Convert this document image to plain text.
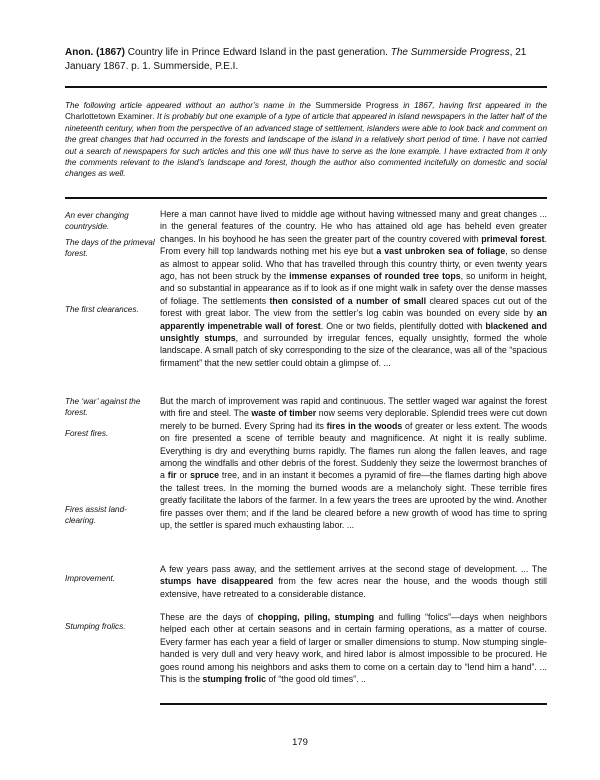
Anon. (1867) Country life in Prince Edward Island in the past generation. The Summerside Progress, 21 January 1867. p. 1. Summerside, P.E.I.
The following article appeared without an author’s name in the Summerside Progress in 1867, having first appeared in the Charlottetown Examiner. It is probably but one example of a type of article that appeared in island newspapers in the latter half of the nineteenth century, when from the perspective of an advanced stage of settlement, islanders were able to look back and comment on the great changes that had occurred in the forests and landscape of the island in a relatively short period of time. I have not carried out a search of newspapers for such articles and this one will thus have to serve as the lone example. I have extracted from it only the comments relevant to the island’s landscape and forest, though the author also commented incitefully on domestic and social changes as well.
An ever changing countryside.
The days of the primeval forest.
The first clearances.
The ‘war’ against the forest.
Forest fires.
Fires assist land-clearing.
Improvement.
Stumping frolics.
Here a man cannot have lived to middle age without having witnessed many and great changes ... in the general features of the country. He who has attained old age has beheld even greater changes. In his boyhood he has seen the greater part of the country covered with primeval forest. From every hill top landwards nothing met his eye but a vast unbroken sea of foliage, so dense as almost to appear solid. Who that has travelled through this country thirty, or even twenty years ago, has not been struck by the immense expanses of rounded tree tops, so uniform in height, and so substantial in appearance as if to look as if one might walk in safety over the dense masses of foliage. The settlements then consisted of a number of small cleared spaces cut out of the forest with great labor. The view from the settler’s log cabin was bounded on every side by an apparently impenetrable wall of forest. One or two fields, plentifully dotted with blackened and unsightly stumps, and surrounded by irregular fences, equally unsightly, formed the whole landscape. A small patch of sky corresponding to the size of the clearance, was all of the “spacious firmament” that the new settler could obtain a glimpse of. ...
But the march of improvement was rapid and continuous. The settler waged war against the forest with fire and steel. The waste of timber now seems very deplorable. Splendid trees were cut down merely to be burned. Every Spring had its fires in the woods of greater or less extent. The woods on fire presented a scene of terrible beauty and magnificence. At night it is really sublime. Everything is dry and everything burns rapidly. The flames run along the fallen leaves, and rage among the windfalls and other debris of the forest. Suddenly they seize the lowermost branches of a fir or spruce tree, and in an instant it becomes a pyramid of fire—the flames darting high above the tallest trees. In the morning the burned woods are a melancholy sight. These terrible fires greatly facilitate the labors of the farmer. In a few years the trees are uprooted by the wind. Another fire passes over them; and if the land be cleared before a new growth of wood has time to spring up, the settler is spared much exhausting labor. ...
A few years pass away, and the settlement arrives at the second stage of development. ... The stumps have disappeared from the few acres near the house, and the woods though still extensive, have retreated to a considerable distance.
These are the days of chopping, piling, stumping and fulling “folics”—days when neighbors helped each other at certain seasons and in certain farming operations, as a matter of course. Every farmer has each year a field of larger or smaller dimensions to stump. Now stumping single-handed is very dull and very heavy work, and hired labor is almost impossible to be procured. He goes round among his neighbors and asks them to come on a certain day to “lend him a hand”. ... This is the stumping frolic of “the good old times”. ..
179
